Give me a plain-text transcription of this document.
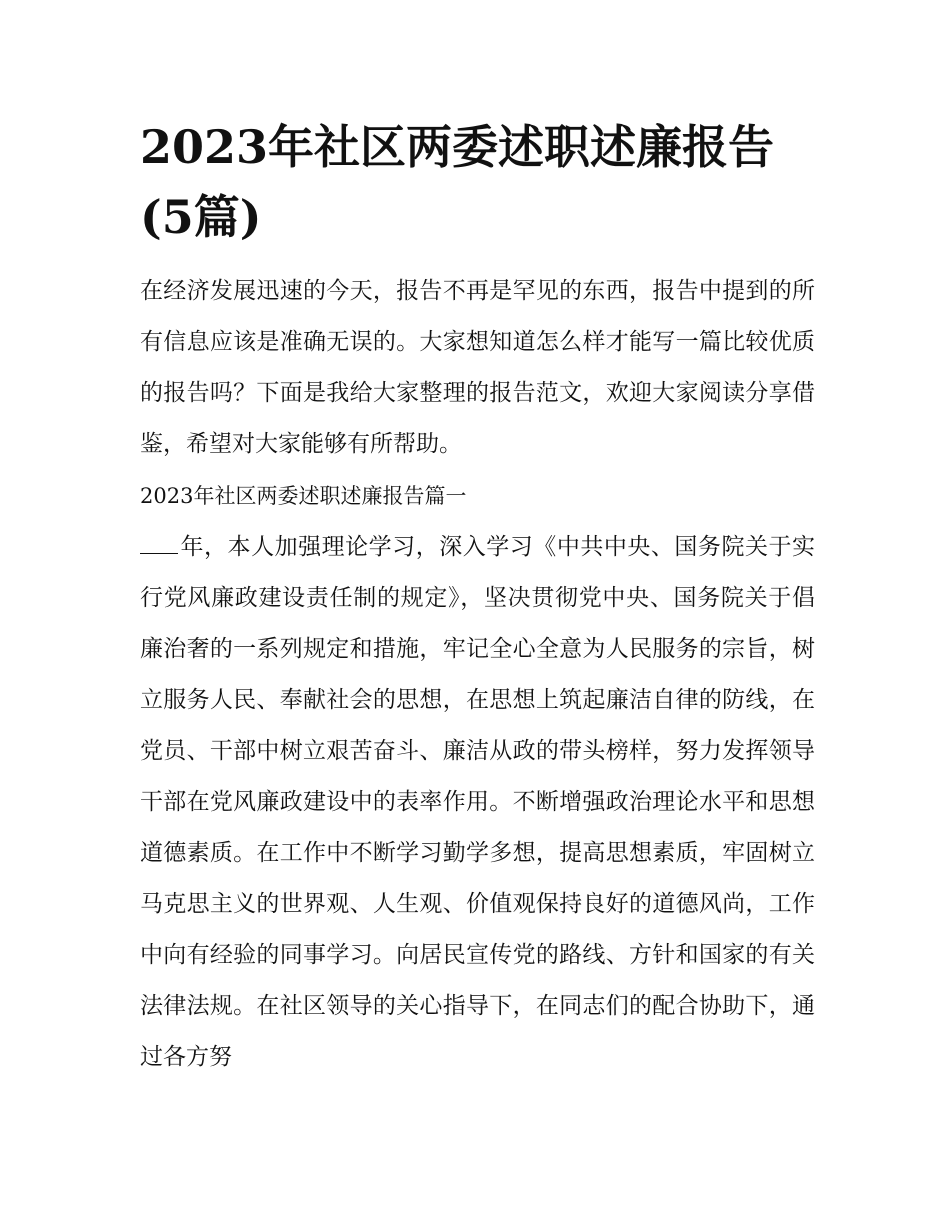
2023年社区两委述职述廉报告(5篇)

在经济发展迅速的今天，报告不再是罕见的东西，报告中提到的所有信息应该是准确无误的。大家想知道怎么样才能写一篇比较优质的报告吗？下面是我给大家整理的报告范文，欢迎大家阅读分享借鉴，希望对大家能够有所帮助。

2023年社区两委述职述廉报告篇一

年，本人加强理论学习，深入学习《中共中央、国务院关于实行党风廉政建设责任制的规定》，坚决贯彻党中央、国务院关于倡廉治奢的一系列规定和措施，牢记全心全意为人民服务的宗旨，树立服务人民、奉献社会的思想，在思想上筑起廉洁自律的防线，在党员、干部中树立艰苦奋斗、廉洁从政的带头榜样，努力发挥领导干部在党风廉政建设中的表率作用。不断增强政治理论水平和思想道德素质。在工作中不断学习勤学多想，提高思想素质，牢固树立马克思主义的世界观、人生观、价值观保持良好的道德风尚，工作中向有经验的同事学习。向居民宣传党的路线、方针和国家的有关法律法规。在社区领导的关心指导下，在同志们的配合协助下，通过各方努
